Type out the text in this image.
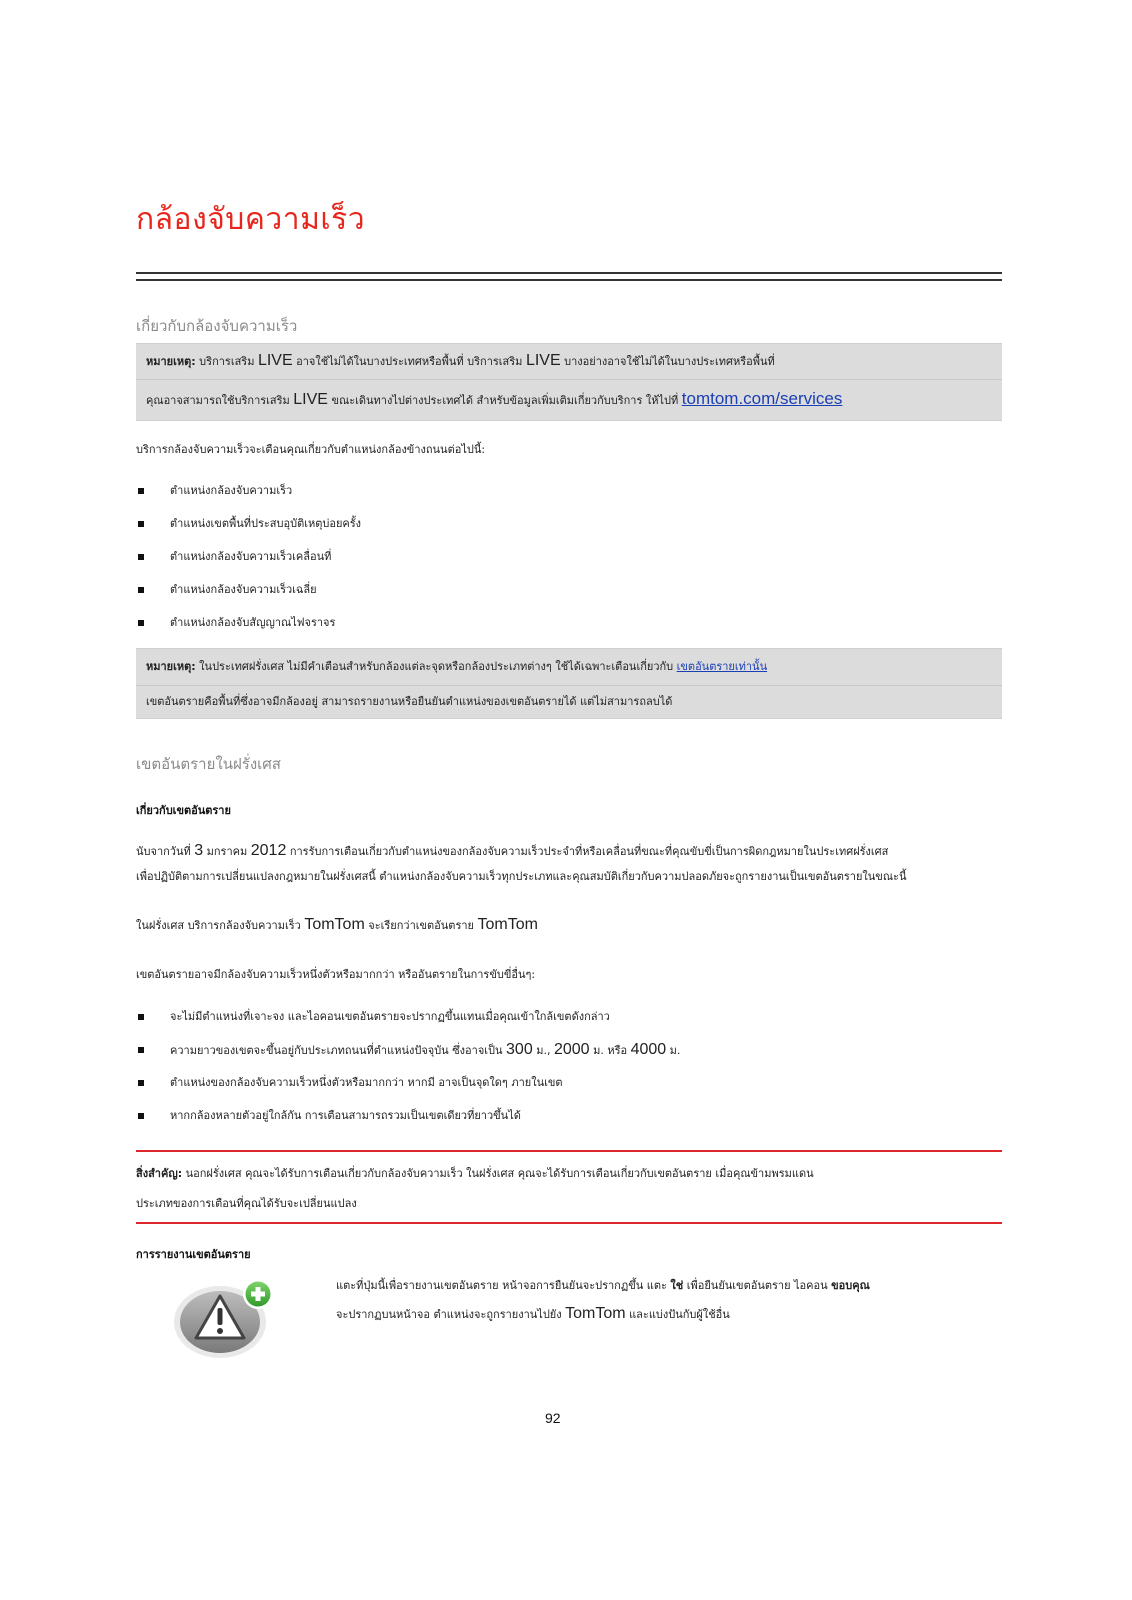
กล้องจับความเร็ว
เกี่ยวกับกล้องจับความเร็ว
หมายเหตุ: บริการเสริม LIVE อาจใช้ไม่ได้ในบางประเทศหรือพื้นที่ บริการเสริม LIVE บางอย่างอาจใช้ไม่ได้ในบางประเทศหรือพื้นที่
คุณอาจสามารถใช้บริการเสริม LIVE ขณะเดินทางไปต่างประเทศได้ สำหรับข้อมูลเพิ่มเติมเกี่ยวกับบริการ ให้ไปที่ tomtom.com/services
บริการกล้องจับความเร็วจะเตือนคุณเกี่ยวกับตำแหน่งกล้องข้างถนนต่อไปนี้:
ตำแหน่งกล้องจับความเร็ว
ตำแหน่งเขตพื้นที่ประสบอุบัติเหตุบ่อยครั้ง
ตำแหน่งกล้องจับความเร็วเคลื่อนที่
ตำแหน่งกล้องจับความเร็วเฉลี่ย
ตำแหน่งกล้องจับสัญญาณไฟจราจร
หมายเหตุ: ในประเทศฝรั่งเศส ไม่มีคำเตือนสำหรับกล้องแต่ละจุดหรือกล้องประเภทต่างๆ ใช้ได้เฉพาะเตือนเกี่ยวกับ เขตอันตรายเท่านั้น
เขตอันตรายคือพื้นที่ซึ่งอาจมีกล้องอยู่ สามารถรายงานหรือยืนยันตำแหน่งของเขตอันตรายได้ แต่ไม่สามารถลบได้
เขตอันตรายในฝรั่งเศส
เกี่ยวกับเขตอันตราย
นับจากวันที่ 3 มกราคม 2012 การรับการเตือนเกี่ยวกับตำแหน่งของกล้องจับความเร็วประจำที่หรือเคลื่อนที่ขณะที่คุณขับขี่เป็นการผิดกฎหมายในประเทศฝรั่งเศส
เพื่อปฏิบัติตามการเปลี่ยนแปลงกฎหมายในฝรั่งเศสนี้ ตำแหน่งกล้องจับความเร็วทุกประเภทและคุณสมบัติเกี่ยวกับความปลอดภัยจะถูกรายงานเป็นเขตอันตรายในขณะนี้
ในฝรั่งเศส บริการกล้องจับความเร็ว TomTom จะเรียกว่าเขตอันตราย TomTom
เขตอันตรายอาจมีกล้องจับความเร็วหนึ่งตัวหรือมากกว่า หรืออันตรายในการขับขี่อื่นๆ:
จะไม่มีตำแหน่งที่เจาะจง และไอคอนเขตอันตรายจะปรากฏขึ้นแทนเมื่อคุณเข้าใกล้เขตดังกล่าว
ความยาวของเขตจะขึ้นอยู่กับประเภทถนนที่ตำแหน่งปัจจุบัน ซึ่งอาจเป็น 300 ม., 2000 ม. หรือ 4000 ม.
ตำแหน่งของกล้องจับความเร็วหนึ่งตัวหรือมากกว่า หากมี อาจเป็นจุดใดๆ ภายในเขต
หากกล้องหลายตัวอยู่ใกล้กัน การเตือนสามารถรวมเป็นเขตเดียวที่ยาวขึ้นได้
สิ่งสำคัญ: นอกฝรั่งเศส คุณจะได้รับการเตือนเกี่ยวกับกล้องจับความเร็ว ในฝรั่งเศส คุณจะได้รับการเตือนเกี่ยวกับเขตอันตราย เมื่อคุณข้ามพรมแดน
ประเภทของการเตือนที่คุณได้รับจะเปลี่ยนแปลง
การรายงานเขตอันตราย
แตะที่ปุ่มนี้เพื่อรายงานเขตอันตราย หน้าจอการยืนยันจะปรากฏขึ้น แตะ ใช่ เพื่อยืนยันเขตอันตราย ไอคอน ขอบคุณ
จะปรากฏบนหน้าจอ ตำแหน่งจะถูกรายงานไปยัง TomTom และแบ่งปันกับผู้ใช้อื่น
92
